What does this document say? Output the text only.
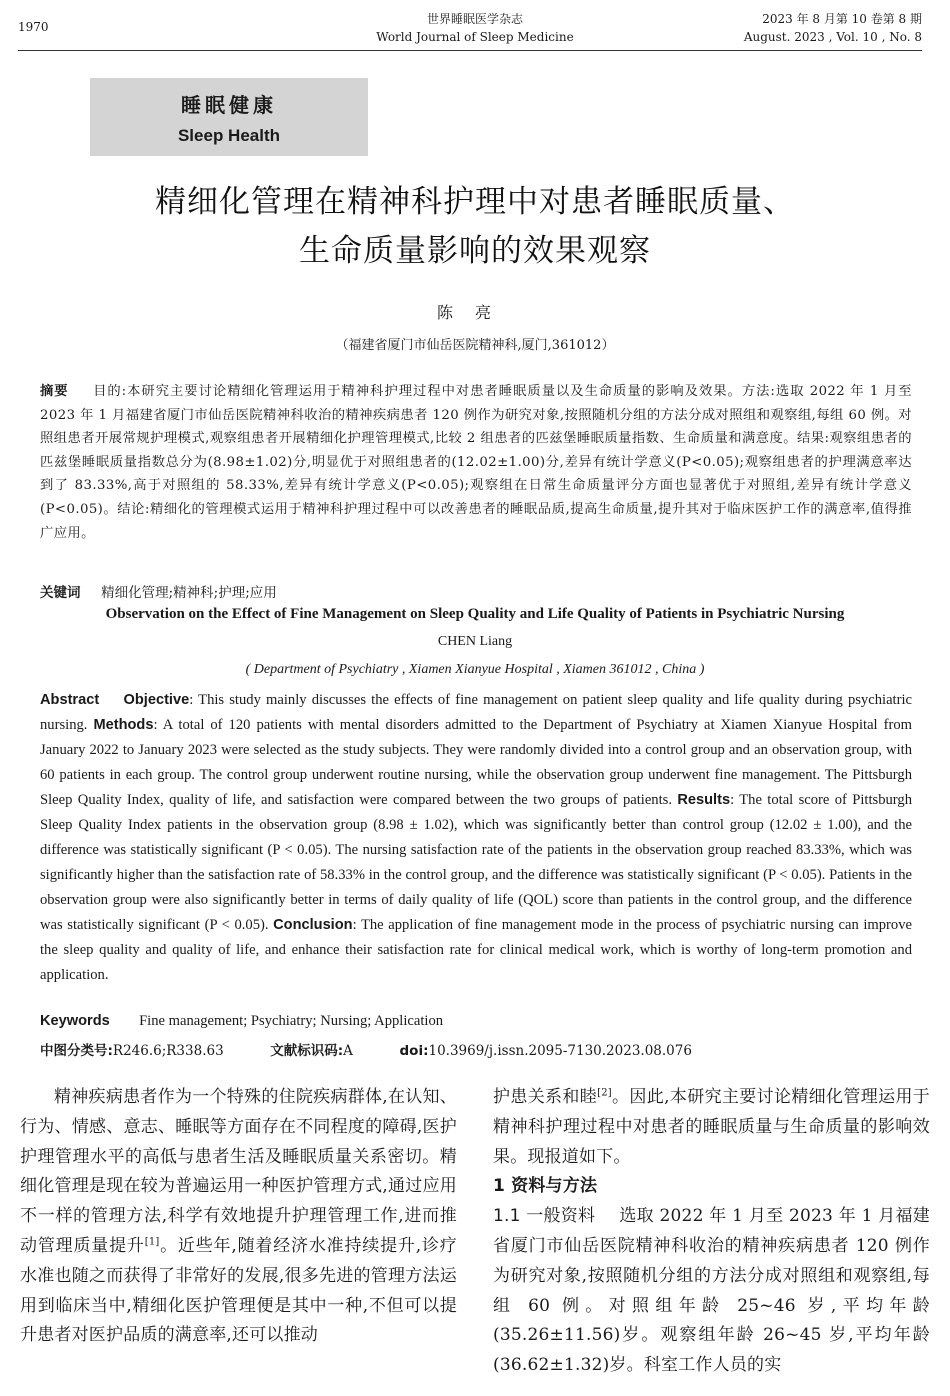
1970
世界睡眠医学杂志
World Journal of Sleep Medicine
2023 年 8 月第 10 卷第 8 期
August. 2023 , Vol. 10 , No. 8
睡眠健康
Sleep Health
精细化管理在精神科护理中对患者睡眠质量、
生命质量影响的效果观察
陈亮
（福建省厦门市仙岳医院精神科,厦门,361012）
摘要 目的:本研究主要讨论精细化管理运用于精神科护理过程中对患者睡眠质量以及生命质量的影响及效果。方法:选取 2022 年 1 月至 2023 年 1 月福建省厦门市仙岳医院精神科收治的精神疾病患者 120 例作为研究对象,按照随机分组的方法分成对照组和观察组,每组 60 例。对照组患者开展常规护理模式,观察组患者开展精细化护理管理模式,比较 2 组患者的匹兹堡睡眠质量指数、生命质量和满意度。结果:观察组患者的匹兹堡睡眠质量指数总分为(8.98±1.02)分,明显优于对照组患者的(12.02±1.00)分,差异有统计学意义(P<0.05);观察组患者的护理满意率达到了 83.33%,高于对照组的 58.33%,差异有统计学意义(P<0.05);观察组在日常生命质量评分方面也显著优于对照组,差异有统计学意义(P<0.05)。结论:精细化的管理模式运用于精神科护理过程中可以改善患者的睡眠品质,提高生命质量,提升其对于临床医护工作的满意率,值得推广应用。
关键词 精细化管理;精神科;护理;应用
Observation on the Effect of Fine Management on Sleep Quality and Life Quality of Patients in Psychiatric Nursing
CHEN Liang
( Department of Psychiatry , Xiamen Xianyue Hospital , Xiamen 361012 , China )
Abstract Objective: This study mainly discusses the effects of fine management on patient sleep quality and life quality during psychiatric nursing. Methods: A total of 120 patients with mental disorders admitted to the Department of Psychiatry at Xiamen Xianyue Hospital from January 2022 to January 2023 were selected as the study subjects. They were randomly divided into a control group and an observation group, with 60 patients in each group. The control group underwent routine nursing, while the observation group underwent fine management. The Pittsburgh Sleep Quality Index, quality of life, and satisfaction were compared between the two groups of patients. Results: The total score of Pittsburgh Sleep Quality Index patients in the observation group (8.98 ± 1.02), which was significantly better than control group (12.02 ± 1.00), and the difference was statistically significant (P < 0.05). The nursing satisfaction rate of the patients in the observation group reached 83.33%, which was significantly higher than the satisfaction rate of 58.33% in the control group, and the difference was statistically significant (P < 0.05). Patients in the observation group were also significantly better in terms of daily quality of life (QOL) score than patients in the control group, and the difference was statistically significant (P < 0.05). Conclusion: The application of fine management mode in the process of psychiatric nursing can improve the sleep quality and quality of life, and enhance their satisfaction rate for clinical medical work, which is worthy of long-term promotion and application.
Keywords Fine management; Psychiatry; Nursing; Application
中图分类号:R246.6;R338.63	文献标识码:A	doi:10.3969/j.issn.2095-7130.2023.08.076

精神疾病患者作为一个特殊的住院疾病群体,在认知、行为、情感、意志、睡眠等方面存在不同程度的障碍,医护护理管理水平的高低与患者生活及睡眠质量关系密切。精细化管理是现在较为普遍运用一种医护管理方式,通过应用不一样的管理方法,科学有效地提升护理管理工作,进而推动管理质量提升[1]。近些年,随着经济水准持续提升,诊疗水准也随之而获得了非常好的发展,很多先进的管理方法运用到临床当中,精细化医护管理便是其中一种,不但可以提升患者对医护品质的满意率,还可以推动

护患关系和睦[2]。因此,本研究主要讨论精细化管理运用于精神科护理过程中对患者的睡眠质量与生命质量的影响效果。现报道如下。

1 资料与方法

1.1 一般资料 选取 2022 年 1 月至 2023 年 1 月福建省厦门市仙岳医院精神科收治的精神疾病患者 120 例作为研究对象,按照随机分组的方法分成对照组和观察组,每组 60 例。对照组年龄 25~46 岁,平均年龄(35.26±11.56)岁。观察组年龄 26~45 岁,平均年龄(36.62±1.32)岁。科室工作人员的实
